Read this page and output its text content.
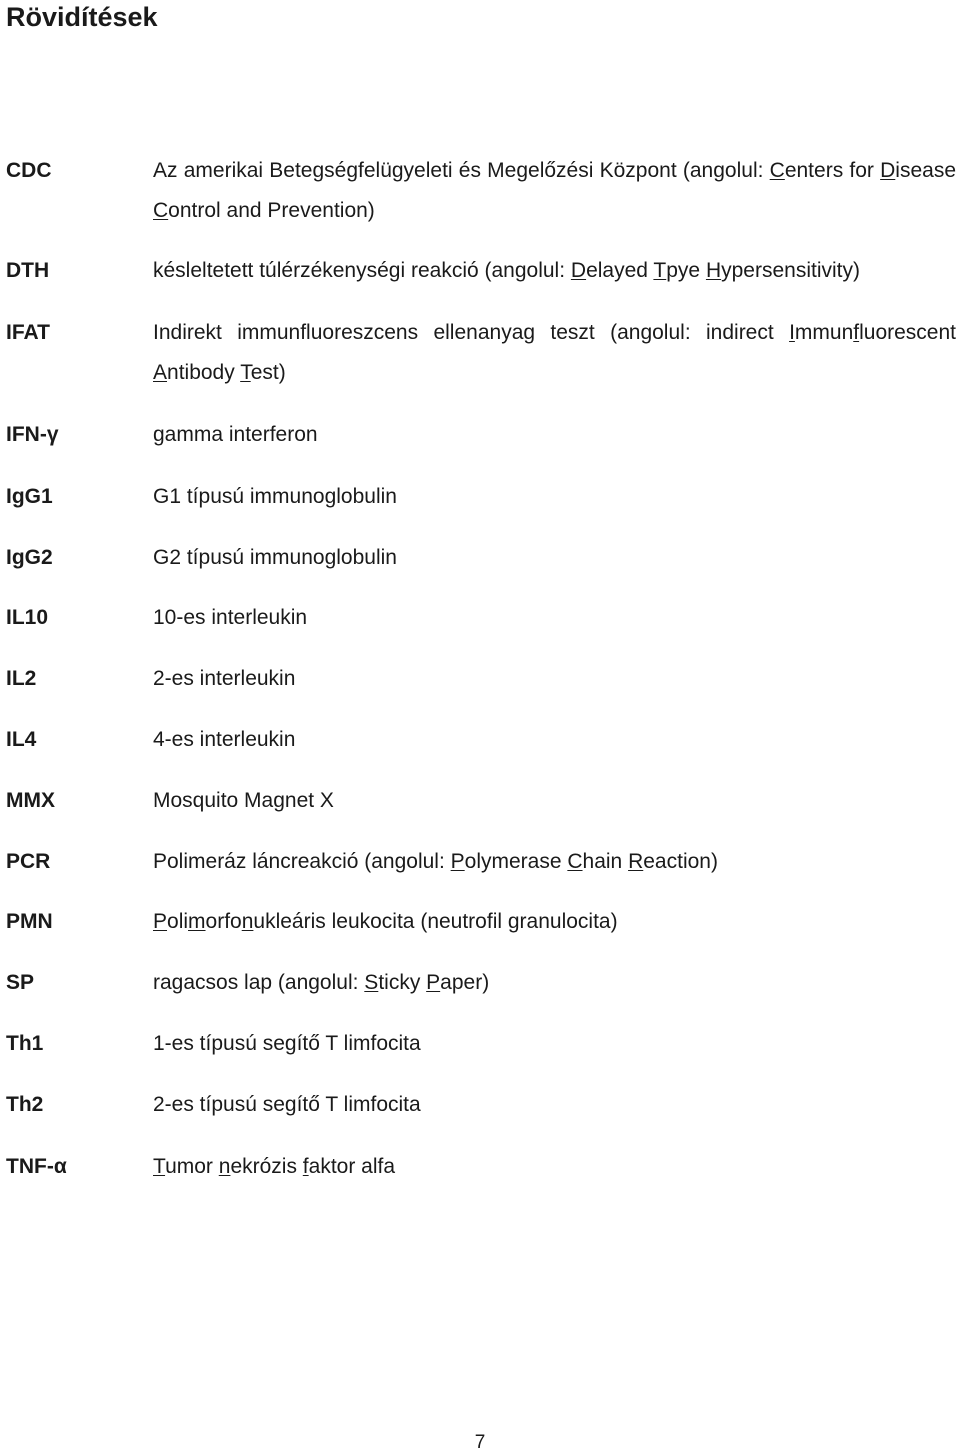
Rövidítések
CDC	Az amerikai Betegségfelügyeleti és Megelőzési Központ (angolul: Centers for Disease Control and Prevention)
DTH	késleltetett túlérzékenységi reakció (angolul: Delayed Tpye Hypersensitivity)
IFAT	Indirekt immunfluoreszcens ellenanyag teszt (angolul: indirect Immunfluorescent Antibody Test)
IFN-γ	gamma interferon
IgG1	G1 típusú immunoglobulin
IgG2	G2 típusú immunoglobulin
IL10	10-es interleukin
IL2	2-es interleukin
IL4	4-es interleukin
MMX	Mosquito Magnet X
PCR	Polimeráz láncreakció (angolul: Polymerase Chain Reaction)
PMN	Polimorfonukleáris leukocita (neutrofil granulocita)
SP	ragacsos lap (angolul: Sticky Paper)
Th1	1-es típusú segítő T limfocita
Th2	2-es típusú segítő T limfocita
TNF-α	Tumor nekrózis faktor alfa
7
